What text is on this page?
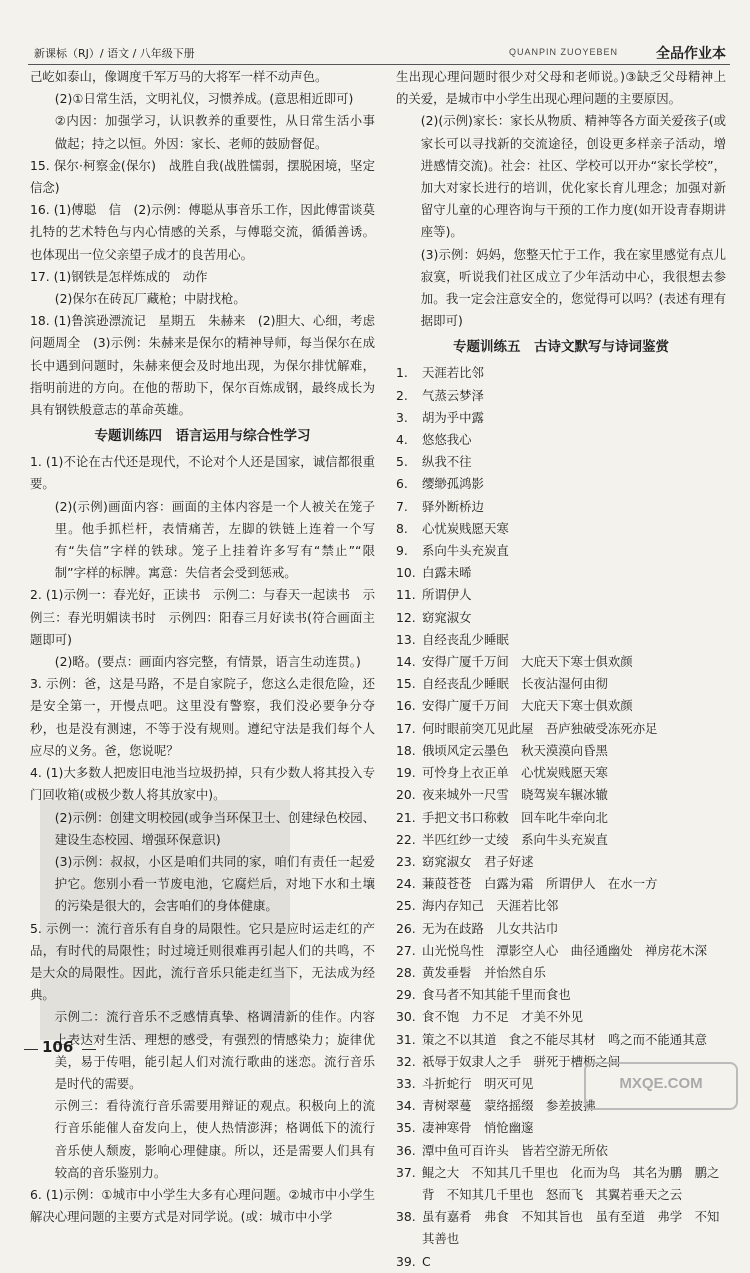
新课标（RJ）/ 语文 / 八年级下册	QUANPIN ZUOYEBEN	全品作业本

己屹如泰山，像调度千军万马的大将军一样不动声色。

(2)①日常生活，文明礼仪，习惯养成。(意思相近即可)

②内因：加强学习，认识教养的重要性，从日常生活小事做起；持之以恒。外因：家长、老师的鼓励督促。

15. 保尔·柯察金(保尔)　战胜自我(战胜懦弱，摆脱困境，坚定信念)

16. (1)傅聪　信　(2)示例：傅聪从事音乐工作，因此傅雷谈莫扎特的艺术特色与内心情感的关系，与傅聪交流，循循善诱。也体现出一位父亲望子成才的良苦用心。

17. (1)钢铁是怎样炼成的　动作

(2)保尔在砖瓦厂藏枪；中尉找枪。

18. (1)鲁滨逊漂流记　星期五　朱赫来　(2)胆大、心细，考虑问题周全　(3)示例：朱赫来是保尔的精神导师，每当保尔在成长中遇到问题时，朱赫来便会及时地出现，为保尔排忧解难，指明前进的方向。在他的帮助下，保尔百炼成钢，最终成长为具有钢铁般意志的革命英雄。

专题训练四　语言运用与综合性学习

1. (1)不论在古代还是现代，不论对个人还是国家，诚信都很重要。

(2)(示例)画面内容：画面的主体内容是一个人被关在笼子里。他手抓栏杆，表情痛苦，左脚的铁链上连着一个写有“失信”字样的铁球。笼子上挂着许多写有“禁止”“限制”字样的标牌。寓意：失信者会受到惩戒。

2. (1)示例一：春光好，正读书　示例二：与春天一起读书　示例三：春光明媚读书时　示例四：阳春三月好读书(符合画面主题即可)

(2)略。(要点：画面内容完整，有情景，语言生动连贯。)

3. 示例：爸，这是马路，不是自家院子，您这么走很危险，还是安全第一，开慢点吧。这里没有警察，我们没必要争分夺秒，也是没有测速，不等于没有规则。遵纪守法是我们每个人应尽的义务。爸，您说呢？

4. (1)大多数人把废旧电池当垃圾扔掉，只有少数人将其投入专门回收箱(或极少数人将其放家中)。

(2)示例：创建文明校园(或争当环保卫士、创建绿色校园、建设生态校园、增强环保意识)

(3)示例：叔叔，小区是咱们共同的家，咱们有责任一起爱护它。您别小看一节废电池，它腐烂后，对地下水和土壤的污染是很大的，会害咱们的身体健康。

5. 示例一：流行音乐有自身的局限性。它只是应时运走红的产品，有时代的局限性；时过境迁则很难再引起人们的共鸣，不是大众的局限性。因此，流行音乐只能走红当下，无法成为经典。

示例二：流行音乐不乏感情真挚、格调清新的佳作。内容上表达对生活、理想的感受，有强烈的情感染力；旋律优美，易于传唱，能引起人们对流行歌曲的迷恋。流行音乐是时代的需要。

示例三：看待流行音乐需要用辩证的观点。积极向上的流行音乐能催人奋发向上，使人热情澎湃；格调低下的流行音乐使人颓废，影响心理健康。所以，还是需要人们具有较高的音乐鉴别力。

6. (1)示例：①城市中小学生大多有心理问题。②城市中小学生解决心理问题的主要方式是对同学说。(或：城市中小学

生出现心理问题时很少对父母和老师说。)③缺乏父母精神上的关爱，是城市中小学生出现心理问题的主要原因。

(2)(示例)家长：家长从物质、精神等各方面关爱孩子(或家长可以寻找新的交流途径，创设更多样亲子活动，增进感情交流)。社会：社区、学校可以开办“家长学校”，加大对家长进行的培训，优化家长育儿理念；加强对新留守儿童的心理咨询与干预的工作力度(如开设青春期讲座等)。

(3)示例：妈妈，您整天忙于工作，我在家里感觉有点儿寂寞，听说我们社区成立了少年活动中心，我很想去参加。我一定会注意安全的，您觉得可以吗？(表述有理有据即可)

专题训练五　古诗文默写与诗词鉴赏
1.	天涯若比邻
2.	气蒸云梦泽
3.	胡为乎中露
4.	悠悠我心
5.	纵我不往
6.	缨缈孤鸿影
7.	驿外断桥边
8.	心忧炭贱愿天寒
9.	系向牛头充炭直
10. 白露未晞
11. 所谓伊人
12. 窈窕淑女
13. 自经丧乱少睡眠
14. 安得广厦千万间　大庇天下寒士俱欢颜
15. 自经丧乱少睡眠　长夜沾湿何由彻
16. 安得广厦千万间　大庇天下寒士俱欢颜
17. 何时眼前突兀见此屋　吾庐独破受冻死亦足
18. 俄顷风定云墨色　秋天漠漠向昏黑
19. 可怜身上衣正单　心忧炭贱愿天寒
20. 夜来城外一尺雪　晓驾炭车辗冰辙
21. 手把文书口称敕　回车叱牛牵向北
22. 半匹红纱一丈绫　系向牛头充炭直
23. 窈窕淑女　君子好逑
24. 蒹葭苍苍　白露为霜　所谓伊人　在水一方
25. 海内存知己　天涯若比邻
26. 无为在歧路　儿女共沾巾
27. 山光悦鸟性　潭影空人心　曲径通幽处　禅房花木深
28. 黄发垂髫　并怡然自乐
29. 食马者不知其能千里而食也
30. 食不饱　力不足　才美不外见
31. 策之不以其道　食之不能尽其材　鸣之而不能通其意
32. 祇辱于奴隶人之手　骈死于槽枥之间
33. 斗折蛇行　明灭可见
34. 青树翠蔓　蒙络摇缀　参差披拂
35. 凄神寒骨　悄怆幽邃
36. 潭中鱼可百许头　皆若空游无所依
37. 鲲之大　不知其几千里也　化而为鸟　其名为鹏　鹏之
背　不知其几千里也　怒而飞　其翼若垂天之云
38. 虽有嘉肴　弗食　不知其旨也　虽有至道　弗学　不知
其善也
39. C
106
MXQE.COM
